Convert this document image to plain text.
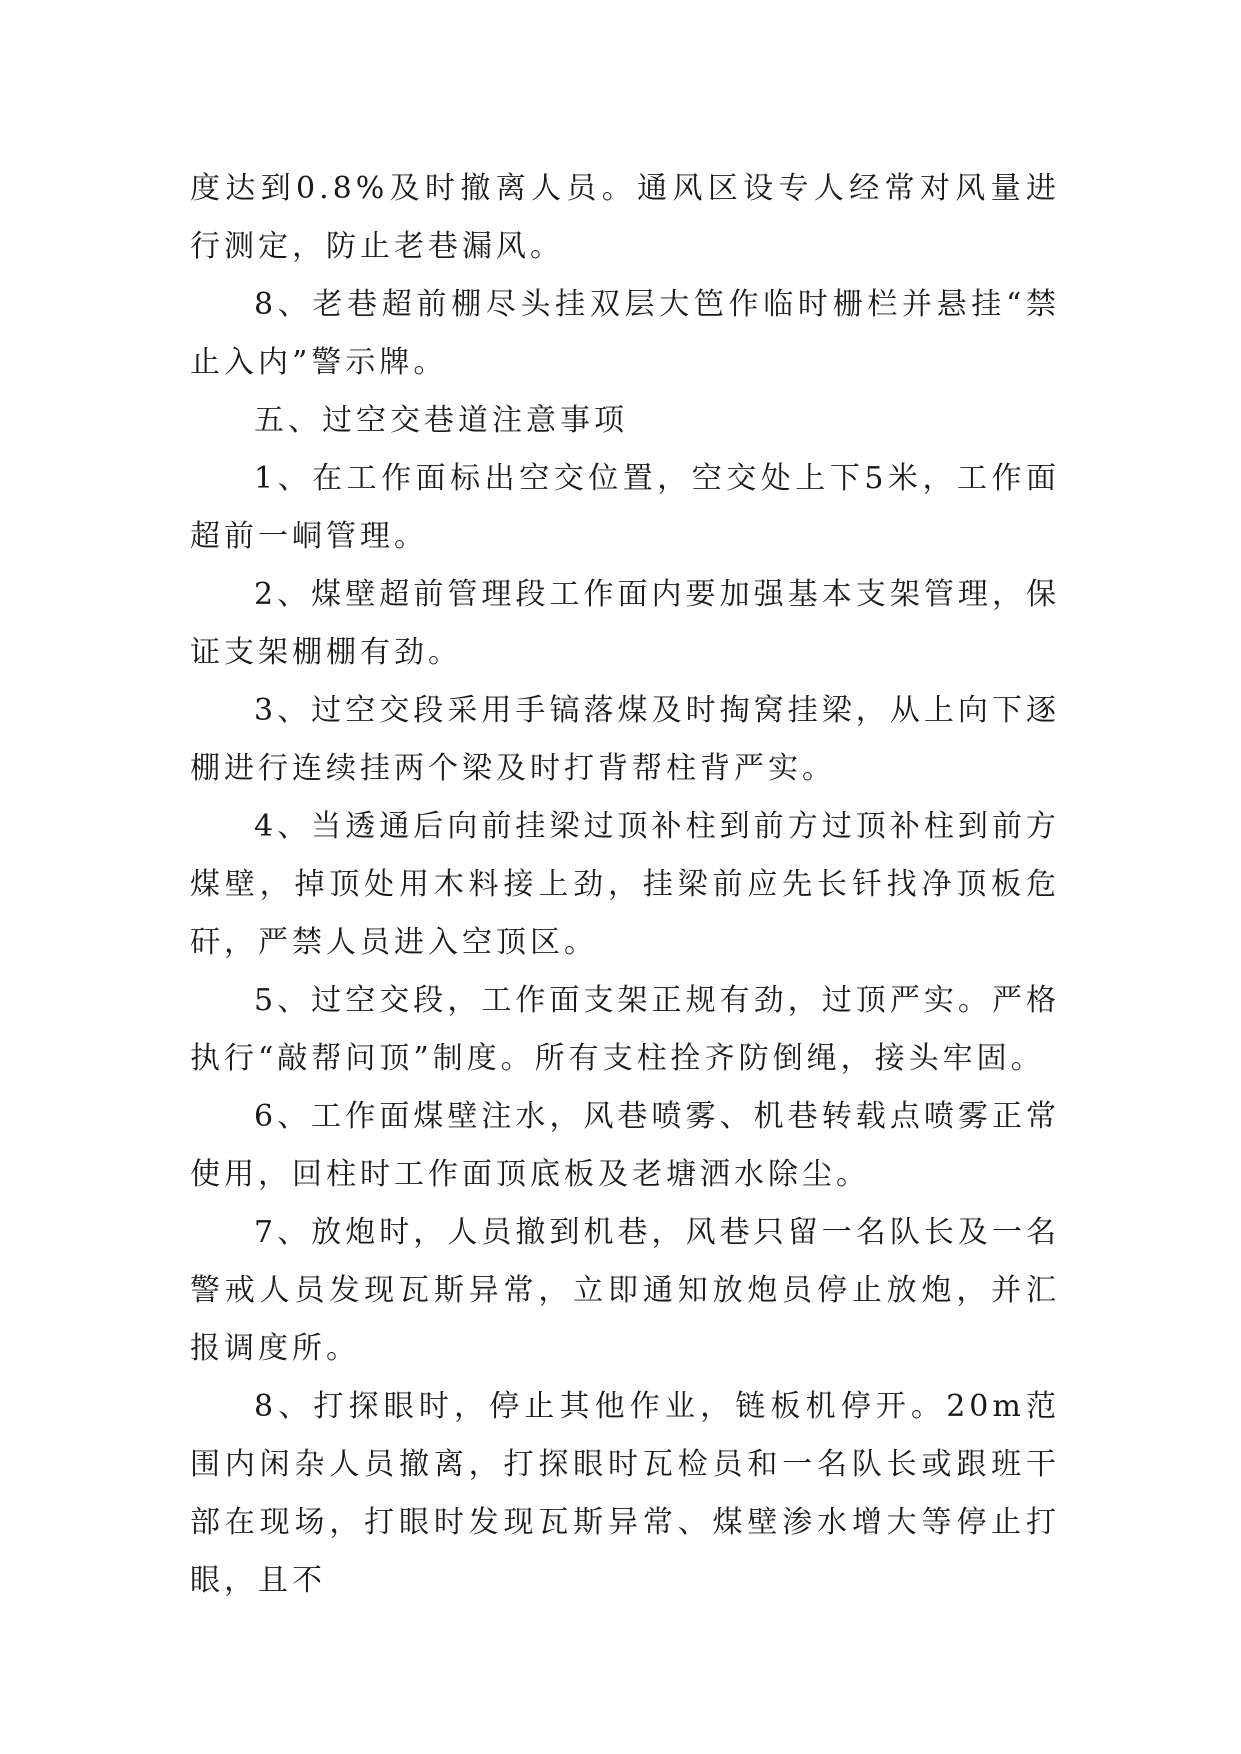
度达到0.8%及时撤离人员。通风区设专人经常对风量进行测定，防止老巷漏风。

8、老巷超前棚尽头挂双层大笆作临时栅栏并悬挂“禁止入内”警示牌。

五、过空交巷道注意事项

1、在工作面标出空交位置，空交处上下5米，工作面超前一峒管理。

2、煤壁超前管理段工作面内要加强基本支架管理，保证支架棚棚有劲。

3、过空交段采用手镐落煤及时掏窝挂梁，从上向下逐棚进行连续挂两个梁及时打背帮柱背严实。

4、当透通后向前挂梁过顶补柱到前方过顶补柱到前方煤壁，掉顶处用木料接上劲，挂梁前应先长钎找净顶板危矸，严禁人员进入空顶区。

5、过空交段，工作面支架正规有劲，过顶严实。严格执行“敲帮问顶”制度。所有支柱拴齐防倒绳，接头牢固。

6、工作面煤壁注水，风巷喷雾、机巷转载点喷雾正常使用，回柱时工作面顶底板及老塘洒水除尘。

7、放炮时，人员撤到机巷，风巷只留一名队长及一名警戒人员发现瓦斯异常，立即通知放炮员停止放炮，并汇报调度所。

8、打探眼时，停止其他作业，链板机停开。20m范围内闲杂人员撤离，打探眼时瓦检员和一名队长或跟班干部在现场，打眼时发现瓦斯异常、煤壁渗水增大等停止打眼，且不
